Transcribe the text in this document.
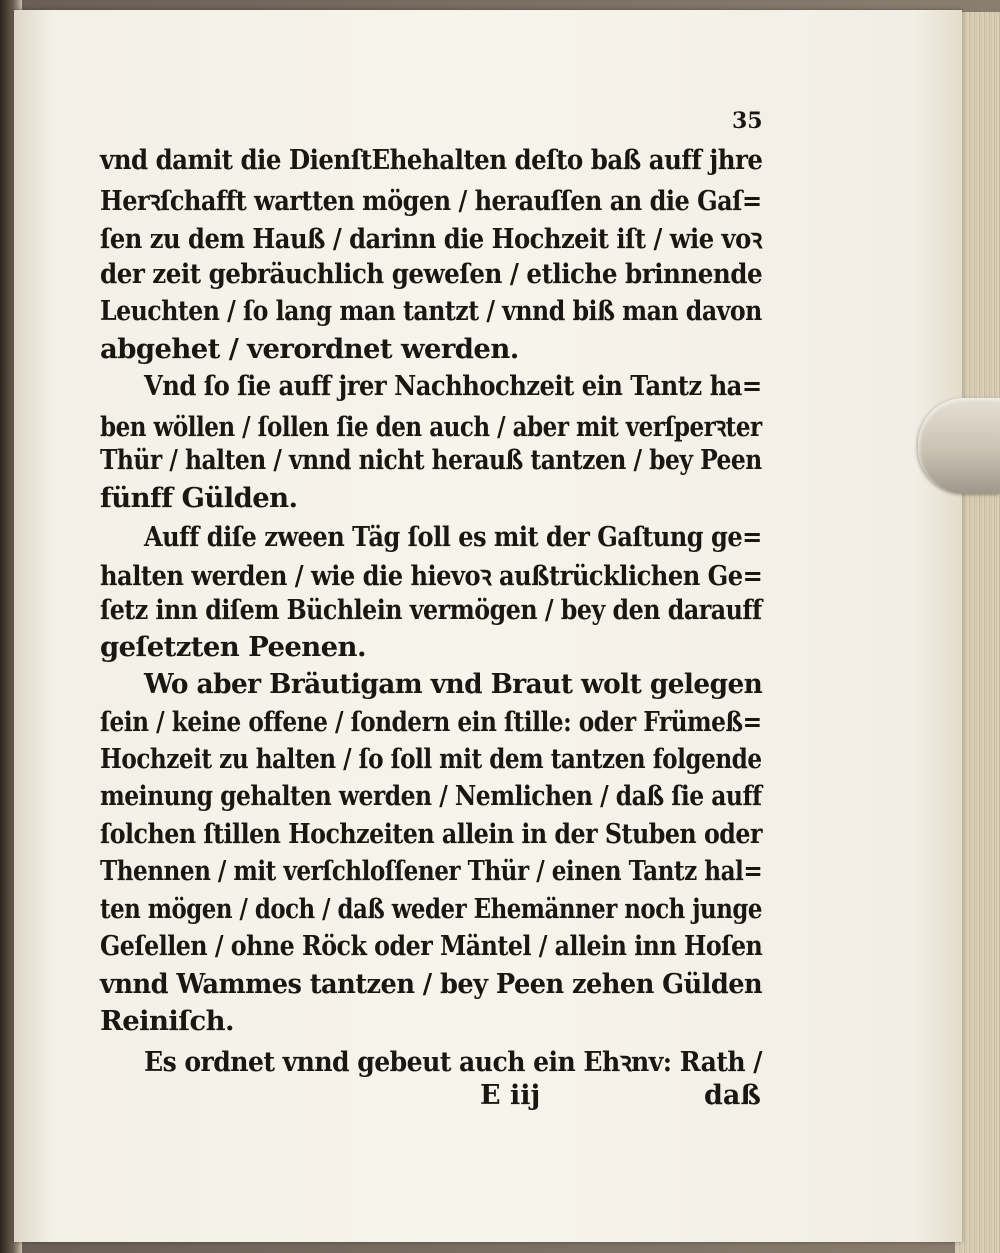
35
vnd damit die DienſtEhehalten deſto baß auff jhre
Herꝛſchafft wartten mögen / herauſſen an die Gaſ=
ſen zu dem Hauß / darinn die Hochzeit iſt / wie voꝛ
der zeit gebräuchlich geweſen / etliche brinnende
Leuchten / ſo lang man tantzt / vnnd biß man davon
abgehet / verordnet werden.
Vnd ſo ſie auff jrer Nachhochzeit ein Tantz ha=
ben wöllen / ſollen ſie den auch / aber mit verſperꝛter
Thür / halten / vnnd nicht herauß tantzen / bey Peen
fünff Gülden.
Auff diſe zween Täg ſoll es mit der Gaſtung ge=
halten werden / wie die hievoꝛ außtrücklichen Ge=
ſetz inn diſem Büchlein vermögen / bey den darauff
geſetzten Peenen.
Wo aber Bräutigam vnd Braut wolt gelegen
ſein / keine offene / ſondern ein ſtille: oder Frümeß=
Hochzeit zu halten / ſo ſoll mit dem tantzen folgende
meinung gehalten werden / Nemlichen / daß ſie auff
ſolchen ſtillen Hochzeiten allein in der Stuben oder
Thennen / mit verſchloſſener Thür / einen Tantz hal=
ten mögen / doch / daß weder Ehemänner noch junge
Geſellen / ohne Röck oder Mäntel / allein inn Hoſen
vnnd Wammes tantzen / bey Peen zehen Gülden
Reiniſch.
Es ordnet vnnd gebeut auch ein Ehꝛnv: Rath /
E iij	daß
